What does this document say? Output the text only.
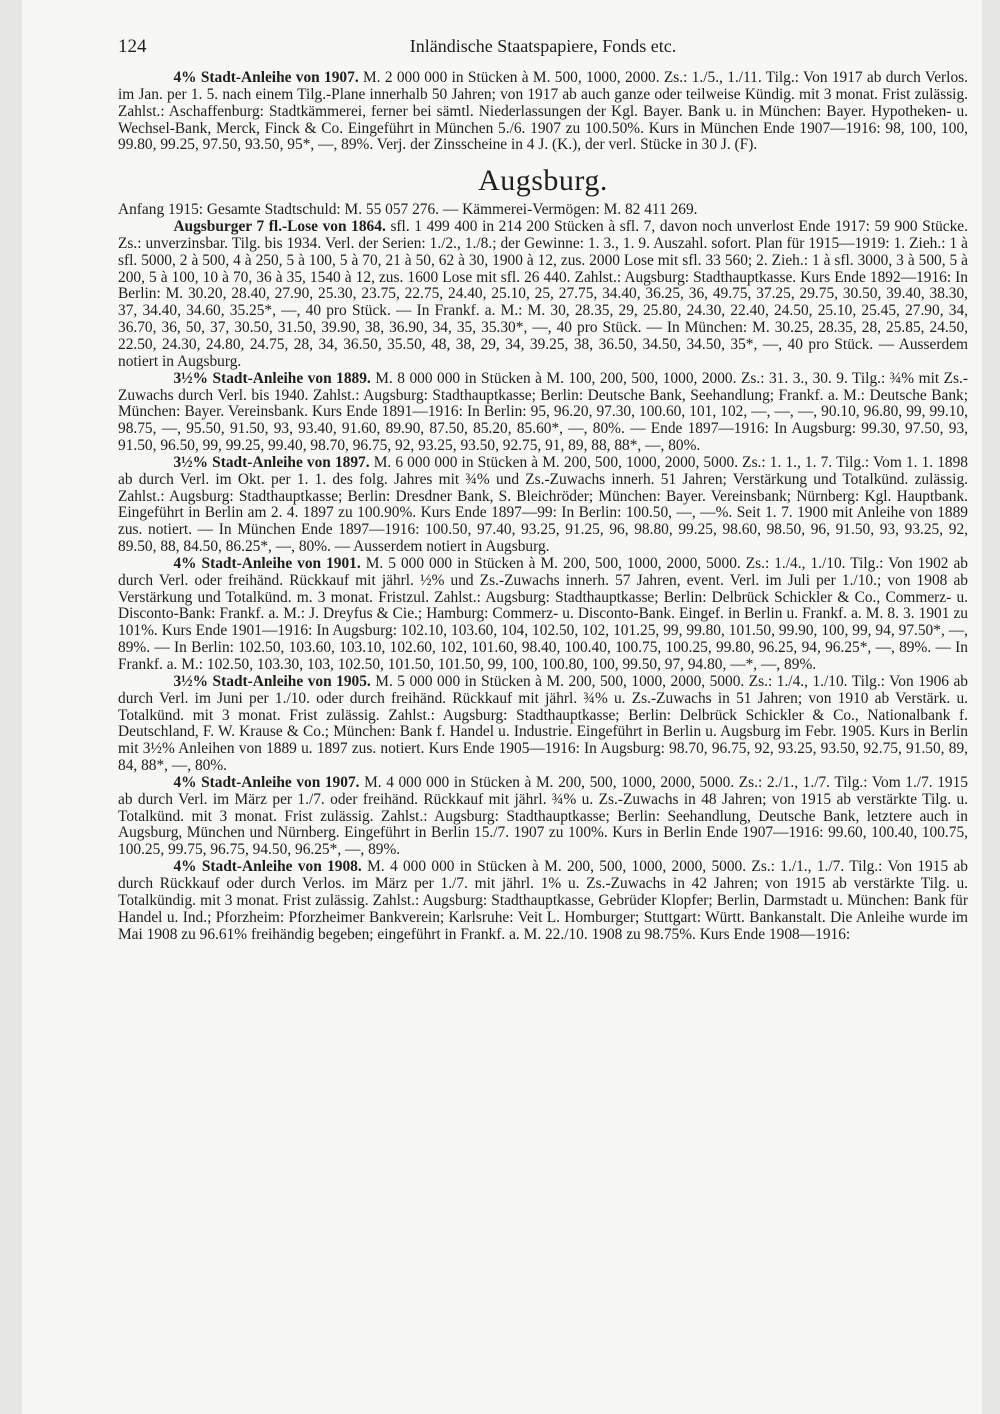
124	Inländische Staatspapiere, Fonds etc.

4% Stadt-Anleihe von 1907. M. 2 000 000 in Stücken à M. 500, 1000, 2000. Zs.: 1./5., 1./11. Tilg.: Von 1917 ab durch Verlos. im Jan. per 1. 5. nach einem Tilg.-Plane innerhalb 50 Jahren; von 1917 ab auch ganze oder teilweise Kündig. mit 3 monat. Frist zulässig. Zahlst.: Aschaffenburg: Stadtkämmerei, ferner bei sämtl. Niederlassungen der Kgl. Bayer. Bank u. in München: Bayer. Hypotheken- u. Wechsel-Bank, Merck, Finck & Co. Eingeführt in München 5./6. 1907 zu 100.50%. Kurs in München Ende 1907—1916: 98, 100, 100, 99.80, 99.25, 97.50, 93.50, 95*, —, 89%. Verj. der Zinsscheine in 4 J. (K.), der verl. Stücke in 30 J. (F).

Augsburg.

Anfang 1915: Gesamte Stadtschuld: M. 55 057 276. — Kämmerei-Vermögen: M. 82 411 269.

Augsburger 7 fl.-Lose von 1864. sfl. 1 499 400 in 214 200 Stücken à sfl. 7, davon noch unverlost Ende 1917: 59 900 Stücke. Zs.: unverzinsbar. Tilg. bis 1934. Verl. der Serien: 1./2., 1./8.; der Gewinne: 1. 3., 1. 9. Auszahl. sofort. Plan für 1915—1919: 1. Zieh.: 1 à sfl. 5000, 2 à 500, 4 à 250, 5 à 100, 5 à 70, 21 à 50, 62 à 30, 1900 à 12, zus. 2000 Lose mit sfl. 33 560; 2. Zieh.: 1 à sfl. 3000, 3 à 500, 5 à 200, 5 à 100, 10 à 70, 36 à 35, 1540 à 12, zus. 1600 Lose mit sfl. 26 440. Zahlst.: Augsburg: Stadthauptkasse. Kurs Ende 1892—1916: In Berlin: M. 30.20, 28.40, 27.90, 25.30, 23.75, 22.75, 24.40, 25.10, 25, 27.75, 34.40, 36.25, 36, 49.75, 37.25, 29.75, 30.50, 39.40, 38.30, 37, 34.40, 34.60, 35.25*, —, 40 pro Stück. — In Frankf. a. M.: M. 30, 28.35, 29, 25.80, 24.30, 22.40, 24.50, 25.10, 25.45, 27.90, 34, 36.70, 36, 50, 37, 30.50, 31.50, 39.90, 38, 36.90, 34, 35, 35.30*, —, 40 pro Stück. — In München: M. 30.25, 28.35, 28, 25.85, 24.50, 22.50, 24.30, 24.80, 24.75, 28, 34, 36.50, 35.50, 48, 38, 29, 34, 39.25, 38, 36.50, 34.50, 34.50, 35*, —, 40 pro Stück. — Ausserdem notiert in Augsburg.

3½% Stadt-Anleihe von 1889. M. 8 000 000 in Stücken à M. 100, 200, 500, 1000, 2000. Zs.: 31. 3., 30. 9. Tilg.: ¾% mit Zs.-Zuwachs durch Verl. bis 1940. Zahlst.: Augsburg: Stadthauptkasse; Berlin: Deutsche Bank, Seehandlung; Frankf. a. M.: Deutsche Bank; München: Bayer. Vereinsbank. Kurs Ende 1891—1916: In Berlin: 95, 96.20, 97.30, 100.60, 101, 102, —, —, —, 90.10, 96.80, 99, 99.10, 98.75, —, 95.50, 91.50, 93, 93.40, 91.60, 89.90, 87.50, 85.20, 85.60*, —, 80%. — Ende 1897—1916: In Augsburg: 99.30, 97.50, 93, 91.50, 96.50, 99, 99.25, 99.40, 98.70, 96.75, 92, 93.25, 93.50, 92.75, 91, 89, 88, 88*, —, 80%.

3½% Stadt-Anleihe von 1897. M. 6 000 000 in Stücken à M. 200, 500, 1000, 2000, 5000. Zs.: 1. 1., 1. 7. Tilg.: Vom 1. 1. 1898 ab durch Verl. im Okt. per 1. 1. des folg. Jahres mit ¾% und Zs.-Zuwachs innerh. 51 Jahren; Verstärkung und Totalkünd. zulässig. Zahlst.: Augsburg: Stadthauptkasse; Berlin: Dresdner Bank, S. Bleichröder; München: Bayer. Vereinsbank; Nürnberg: Kgl. Hauptbank. Eingeführt in Berlin am 2. 4. 1897 zu 100.90%. Kurs Ende 1897—99: In Berlin: 100.50, —, —%. Seit 1. 7. 1900 mit Anleihe von 1889 zus. notiert. — In München Ende 1897—1916: 100.50, 97.40, 93.25, 91.25, 96, 98.80, 99.25, 98.60, 98.50, 96, 91.50, 93, 93.25, 92, 89.50, 88, 84.50, 86.25*, —, 80%. — Ausserdem notiert in Augsburg.

4% Stadt-Anleihe von 1901. M. 5 000 000 in Stücken à M. 200, 500, 1000, 2000, 5000. Zs.: 1./4., 1./10. Tilg.: Von 1902 ab durch Verl. oder freihänd. Rückkauf mit jährl. ½% und Zs.-Zuwachs innerh. 57 Jahren, event. Verl. im Juli per 1./10.; von 1908 ab Verstärkung und Totalkünd. m. 3 monat. Fristzul. Zahlst.: Augsburg: Stadthauptkasse; Berlin: Delbrück Schickler & Co., Commerz- u. Disconto-Bank: Frankf. a. M.: J. Dreyfus & Cie.; Hamburg: Commerz- u. Disconto-Bank. Eingef. in Berlin u. Frankf. a. M. 8. 3. 1901 zu 101%. Kurs Ende 1901—1916: In Augsburg: 102.10, 103.60, 104, 102.50, 102, 101.25, 99, 99.80, 101.50, 99.90, 100, 99, 94, 97.50*, —, 89%. — In Berlin: 102.50, 103.60, 103.10, 102.60, 102, 101.60, 98.40, 100.40, 100.75, 100.25, 99.80, 96.25, 94, 96.25*, —, 89%. — In Frankf. a. M.: 102.50, 103.30, 103, 102.50, 101.50, 101.50, 99, 100, 100.80, 100, 99.50, 97, 94.80, —*, —, 89%.

3½% Stadt-Anleihe von 1905. M. 5 000 000 in Stücken à M. 200, 500, 1000, 2000, 5000. Zs.: 1./4., 1./10. Tilg.: Von 1906 ab durch Verl. im Juni per 1./10. oder durch freihänd. Rückkauf mit jährl. ¾% u. Zs.-Zuwachs in 51 Jahren; von 1910 ab Verstärk. u. Totalkünd. mit 3 monat. Frist zulässig. Zahlst.: Augsburg: Stadthauptkasse; Berlin: Delbrück Schickler & Co., Nationalbank f. Deutschland, F. W. Krause & Co.; München: Bank f. Handel u. Industrie. Eingeführt in Berlin u. Augsburg im Febr. 1905. Kurs in Berlin mit 3½% Anleihen von 1889 u. 1897 zus. notiert. Kurs Ende 1905—1916: In Augsburg: 98.70, 96.75, 92, 93.25, 93.50, 92.75, 91.50, 89, 84, 88*, —, 80%.

4% Stadt-Anleihe von 1907. M. 4 000 000 in Stücken à M. 200, 500, 1000, 2000, 5000. Zs.: 2./1., 1./7. Tilg.: Vom 1./7. 1915 ab durch Verl. im März per 1./7. oder freihänd. Rückkauf mit jährl. ¾% u. Zs.-Zuwachs in 48 Jahren; von 1915 ab verstärkte Tilg. u. Totalkünd. mit 3 monat. Frist zulässig. Zahlst.: Augsburg: Stadthauptkasse; Berlin: Seehandlung, Deutsche Bank, letztere auch in Augsburg, München und Nürnberg. Eingeführt in Berlin 15./7. 1907 zu 100%. Kurs in Berlin Ende 1907—1916: 99.60, 100.40, 100.75, 100.25, 99.75, 96.75, 94.50, 96.25*, —, 89%.

4% Stadt-Anleihe von 1908. M. 4 000 000 in Stücken à M. 200, 500, 1000, 2000, 5000. Zs.: 1./1., 1./7. Tilg.: Von 1915 ab durch Rückkauf oder durch Verlos. im März per 1./7. mit jährl. 1% u. Zs.-Zuwachs in 42 Jahren; von 1915 ab verstärkte Tilg. u. Totalkündig. mit 3 monat. Frist zulässig. Zahlst.: Augsburg: Stadthauptkasse, Gebrüder Klopfer; Berlin, Darmstadt u. München: Bank für Handel u. Ind.; Pforzheim: Pforzheimer Bankverein; Karlsruhe: Veit L. Homburger; Stuttgart: Württ. Bankanstalt. Die Anleihe wurde im Mai 1908 zu 96.61% freihändig begeben; eingeführt in Frankf. a. M. 22./10. 1908 zu 98.75%. Kurs Ende 1908—1916:
